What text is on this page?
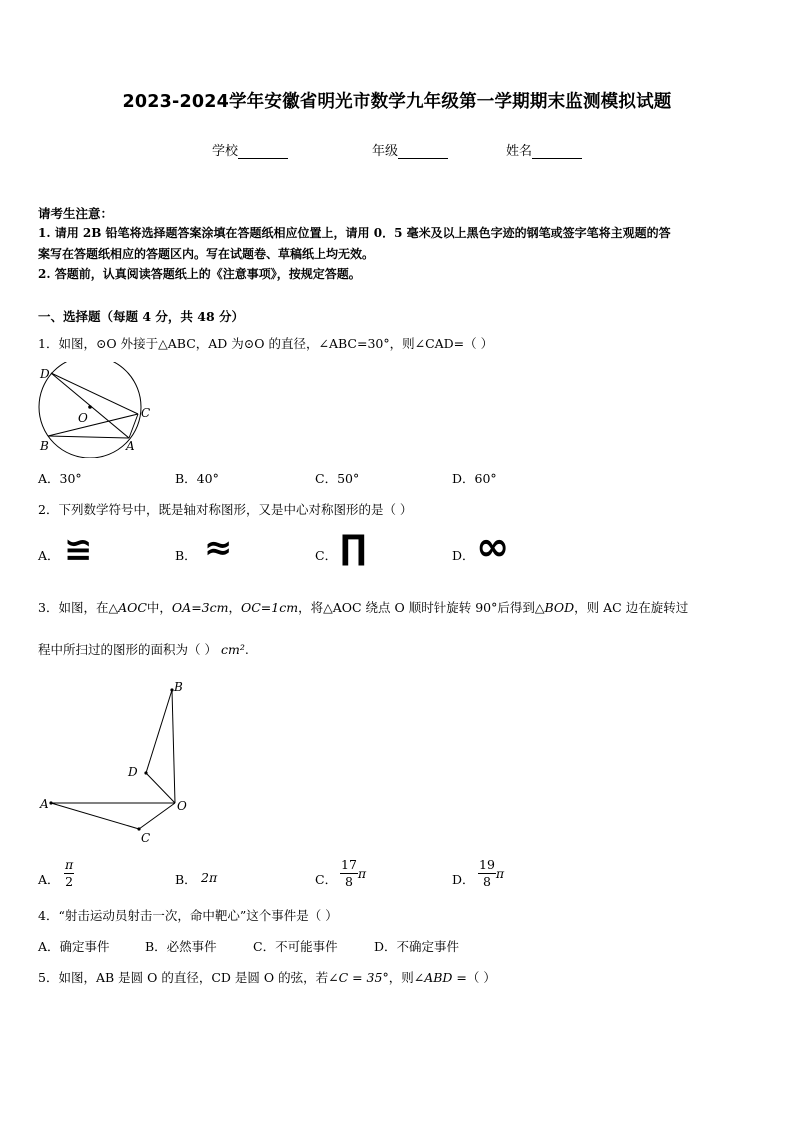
2023-2024学年安徽省明光市数学九年级第一学期期末监测模拟试题
学校	年级	姓名
请考生注意：
1. 请用 2B 铅笔将选择题答案涂填在答题纸相应位置上，请用 0．5 毫米及以上黑色字迹的钢笔或签字笔将主观题的答
案写在答题纸相应的答题区内。写在试题卷、草稿纸上均无效。
2. 答题前，认真阅读答题纸上的《注意事项》，按规定答题。
一、选择题（每题 4 分，共 48 分）
1．如图，⊙O 外接于△ABC，AD 为⊙O 的直径，∠ABC=30°，则∠CAD=（ ）
D
O	C
B	A
A．30°	B．40°	C．50°	D．60°
2．下列数学符号中，既是轴对称图形，又是中心对称图形的是（ ）
A． ≌	B． ≈	C． ∏	D． ∞
3．如图，在△AOC中，OA=3cm，OC=1cm，将△AOC 绕点 O 顺时针旋转 90°后得到△BOD，则 AC 边在旋转过
程中所扫过的图形的面积为（ ） cm².
B
D
A	O
C
A． $\frac{\pi}{2}$	B． 2π	C． $\frac{17}{8}$ π	D． $\frac{19}{8}$ π
4．“射击运动员射击一次，命中靶心”这个事件是（ ）
A．确定事件	B．必然事件	C．不可能事件	D．不确定事件
5．如图，AB 是圆 O 的直径，CD 是圆 O 的弦，若∠C = 35°，则∠ABD =（ ）
